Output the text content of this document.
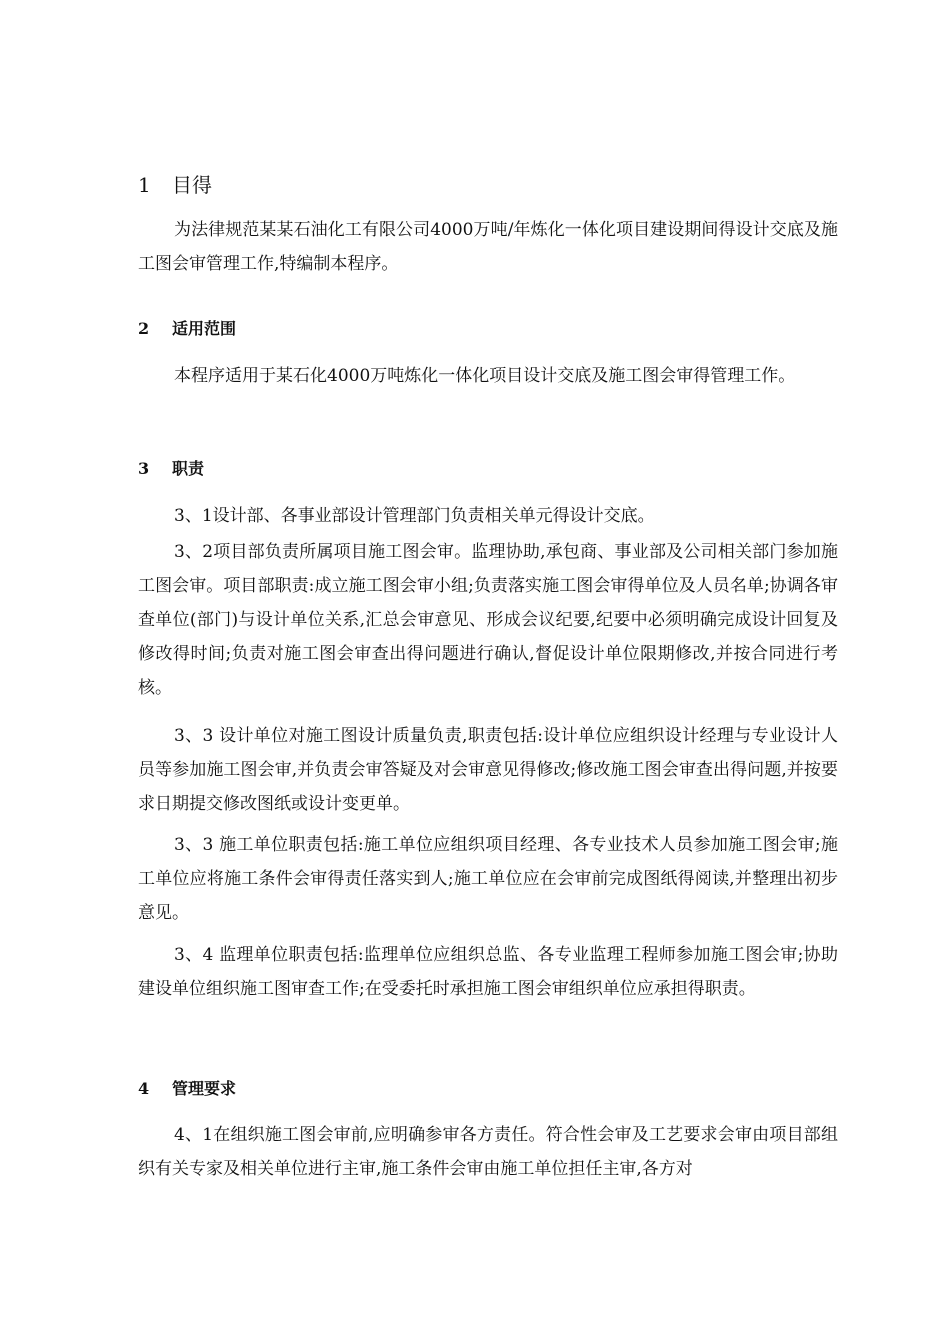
1 目得

为法律规范某某石油化工有限公司4000万吨/年炼化一体化项目建设期间得设计交底及施工图会审管理工作,特编制本程序。

2 适用范围

本程序适用于某石化4000万吨炼化一体化项目设计交底及施工图会审得管理工作。

3 职责

3、1设计部、各事业部设计管理部门负责相关单元得设计交底。

3、2项目部负责所属项目施工图会审。监理协助,承包商、事业部及公司相关部门参加施工图会审。项目部职责:成立施工图会审小组;负责落实施工图会审得单位及人员名单;协调各审查单位(部门)与设计单位关系,汇总会审意见、形成会议纪要,纪要中必须明确完成设计回复及修改得时间;负责对施工图会审查出得问题进行确认,督促设计单位限期修改,并按合同进行考核。

3、3 设计单位对施工图设计质量负责,职责包括:设计单位应组织设计经理与专业设计人员等参加施工图会审,并负责会审答疑及对会审意见得修改;修改施工图会审查出得问题,并按要求日期提交修改图纸或设计变更单。

3、3 施工单位职责包括:施工单位应组织项目经理、各专业技术人员参加施工图会审;施工单位应将施工条件会审得责任落实到人;施工单位应在会审前完成图纸得阅读,并整理出初步意见。

3、4 监理单位职责包括:监理单位应组织总监、各专业监理工程师参加施工图会审;协助建设单位组织施工图审查工作;在受委托时承担施工图会审组织单位应承担得职责。

4 管理要求

4、1在组织施工图会审前,应明确参审各方责任。符合性会审及工艺要求会审由项目部组织有关专家及相关单位进行主审,施工条件会审由施工单位担任主审,各方对
